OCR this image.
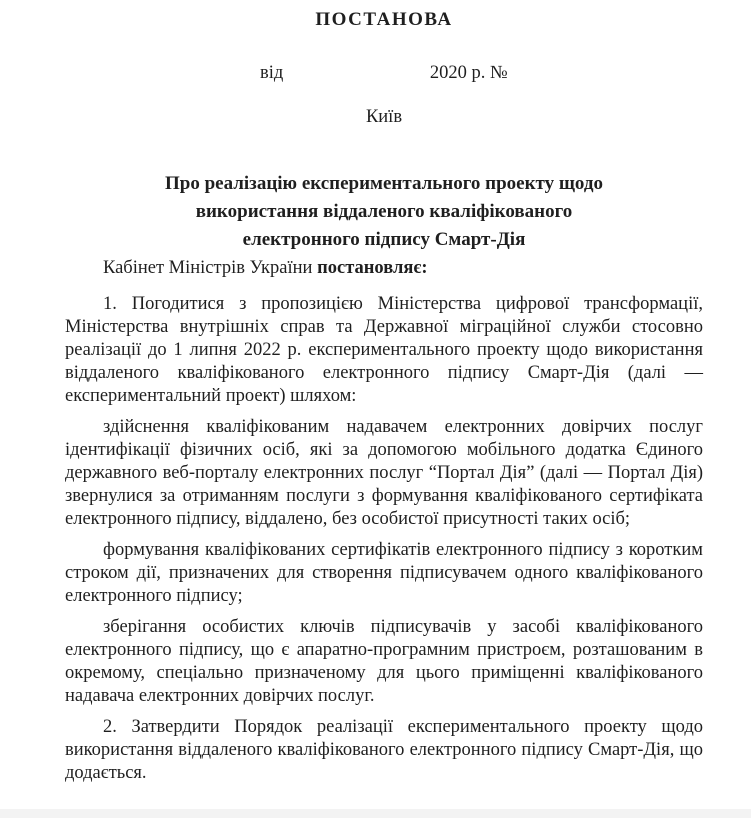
ПОСТАНОВА
від	2020 р. №
Київ
Про реалізацію експериментального проекту щодо
використання віддаленого кваліфікованого
електронного підпису Смарт-Дія

Кабінет Міністрів України постановляє:

1. Погодитися з пропозицією Міністерства цифрової трансформації, Міністерства внутрішніх справ та Державної міграційної служби стосовно реалізації до 1 липня 2022 р. експериментального проекту щодо використання віддаленого кваліфікованого електронного підпису Смарт-Дія (далі — експериментальний проект) шляхом:

здійснення кваліфікованим надавачем електронних довірчих послуг ідентифікації фізичних осіб, які за допомогою мобільного додатка Єдиного державного веб-порталу електронних послуг “Портал Дія” (далі — Портал Дія) звернулися за отриманням послуги з формування кваліфікованого сертифіката електронного підпису, віддалено, без особистої присутності таких осіб;

формування кваліфікованих сертифікатів електронного підпису з коротким строком дії, призначених для створення підписувачем одного кваліфікованого електронного підпису;

зберігання особистих ключів підписувачів у засобі кваліфікованого електронного підпису, що є апаратно-програмним пристроєм, розташованим в окремому, спеціально призначеному для цього приміщенні кваліфікованого надавача електронних довірчих послуг.

2. Затвердити Порядок реалізації експериментального проекту щодо використання віддаленого кваліфікованого електронного підпису Смарт-Дія, що додається.
